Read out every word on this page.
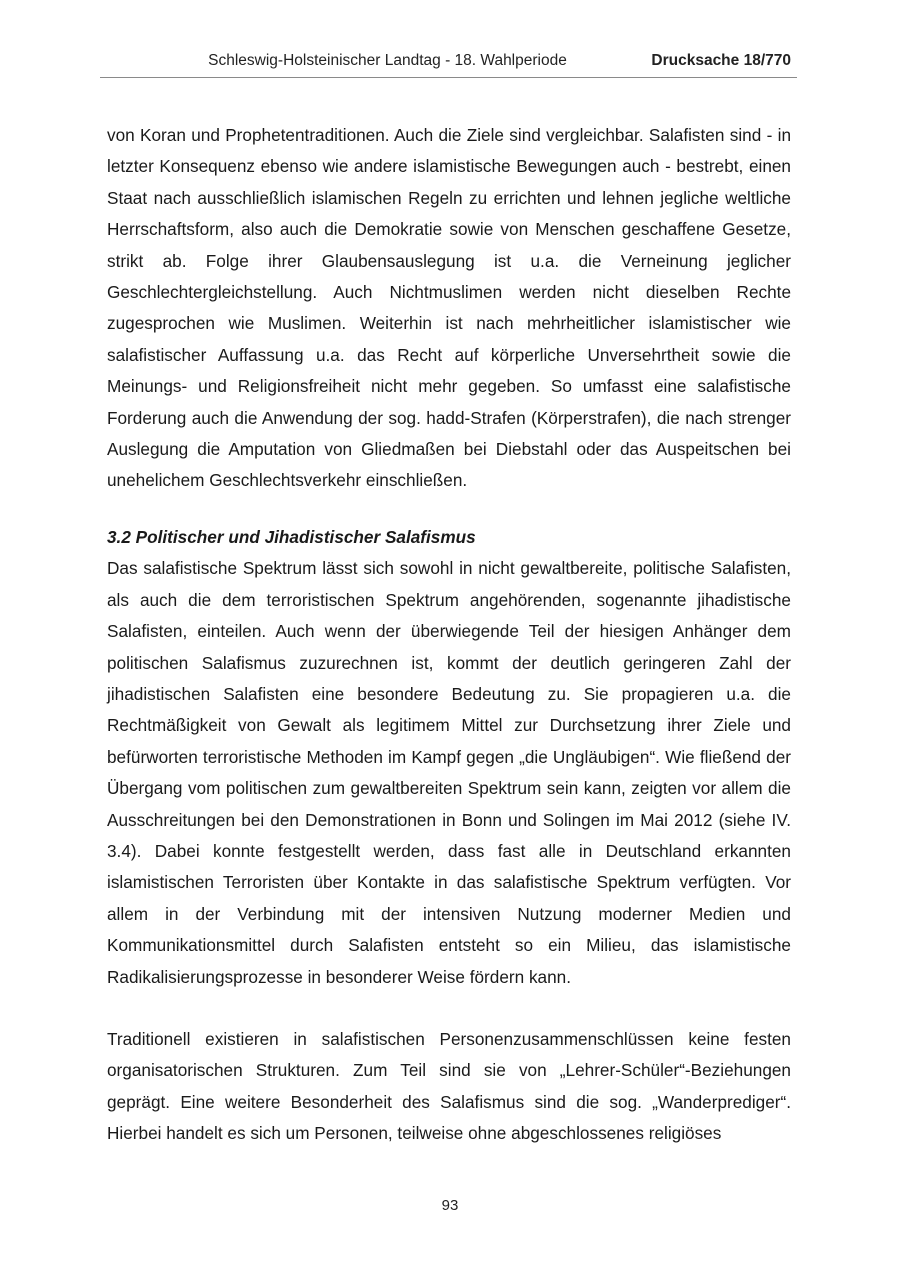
Schleswig-Holsteinischer Landtag - 18. Wahlperiode	Drucksache 18/770

von Koran und Prophetentraditionen. Auch die Ziele sind vergleichbar. Salafisten sind - in letzter Konsequenz ebenso wie andere islamistische Bewegungen auch - bestrebt, einen Staat nach ausschließlich islamischen Regeln zu errichten und lehnen jegliche weltliche Herrschaftsform, also auch die Demokratie sowie von Menschen geschaffene Gesetze, strikt ab. Folge ihrer Glaubensauslegung ist u.a. die Verneinung jeglicher Geschlechtergleichstellung. Auch Nichtmuslimen werden nicht dieselben Rechte zugesprochen wie Muslimen. Weiterhin ist nach mehrheitlicher islamistischer wie salafistischer Auffassung u.a. das Recht auf körperliche Unversehrtheit sowie die Meinungs- und Religionsfreiheit nicht mehr gegeben. So umfasst eine salafistische Forderung auch die Anwendung der sog. hadd-Strafen (Körperstrafen), die nach strenger Auslegung die Amputation von Gliedmaßen bei Diebstahl oder das Auspeitschen bei unehelichem Geschlechtsverkehr einschließen.

3.2 Politischer und Jihadistischer Salafismus

Das salafistische Spektrum lässt sich sowohl in nicht gewaltbereite, politische Salafisten, als auch die dem terroristischen Spektrum angehörenden, sogenannte jihadistische Salafisten, einteilen. Auch wenn der überwiegende Teil der hiesigen Anhänger dem politischen Salafismus zuzurechnen ist, kommt der deutlich geringeren Zahl der jihadistischen Salafisten eine besondere Bedeutung zu. Sie propagieren u.a. die Rechtmäßigkeit von Gewalt als legitimem Mittel zur Durchsetzung ihrer Ziele und befürworten terroristische Methoden im Kampf gegen „die Ungläubigen“. Wie fließend der Übergang vom politischen zum gewaltbereiten Spektrum sein kann, zeigten vor allem die Ausschreitungen bei den Demonstrationen in Bonn und Solingen im Mai 2012 (siehe IV. 3.4). Dabei konnte festgestellt werden, dass fast alle in Deutschland erkannten islamistischen Terroristen über Kontakte in das salafistische Spektrum verfügten. Vor allem in der Verbindung mit der intensiven Nutzung moderner Medien und Kommunikationsmittel durch Salafisten entsteht so ein Milieu, das islamistische Radikalisierungsprozesse in besonderer Weise fördern kann.

Traditionell existieren in salafistischen Personenzusammenschlüssen keine festen organisatorischen Strukturen. Zum Teil sind sie von „Lehrer-Schüler“-Beziehungen geprägt. Eine weitere Besonderheit des Salafismus sind die sog. „Wanderprediger“. Hierbei handelt es sich um Personen, teilweise ohne abgeschlossenes religiöses

93
